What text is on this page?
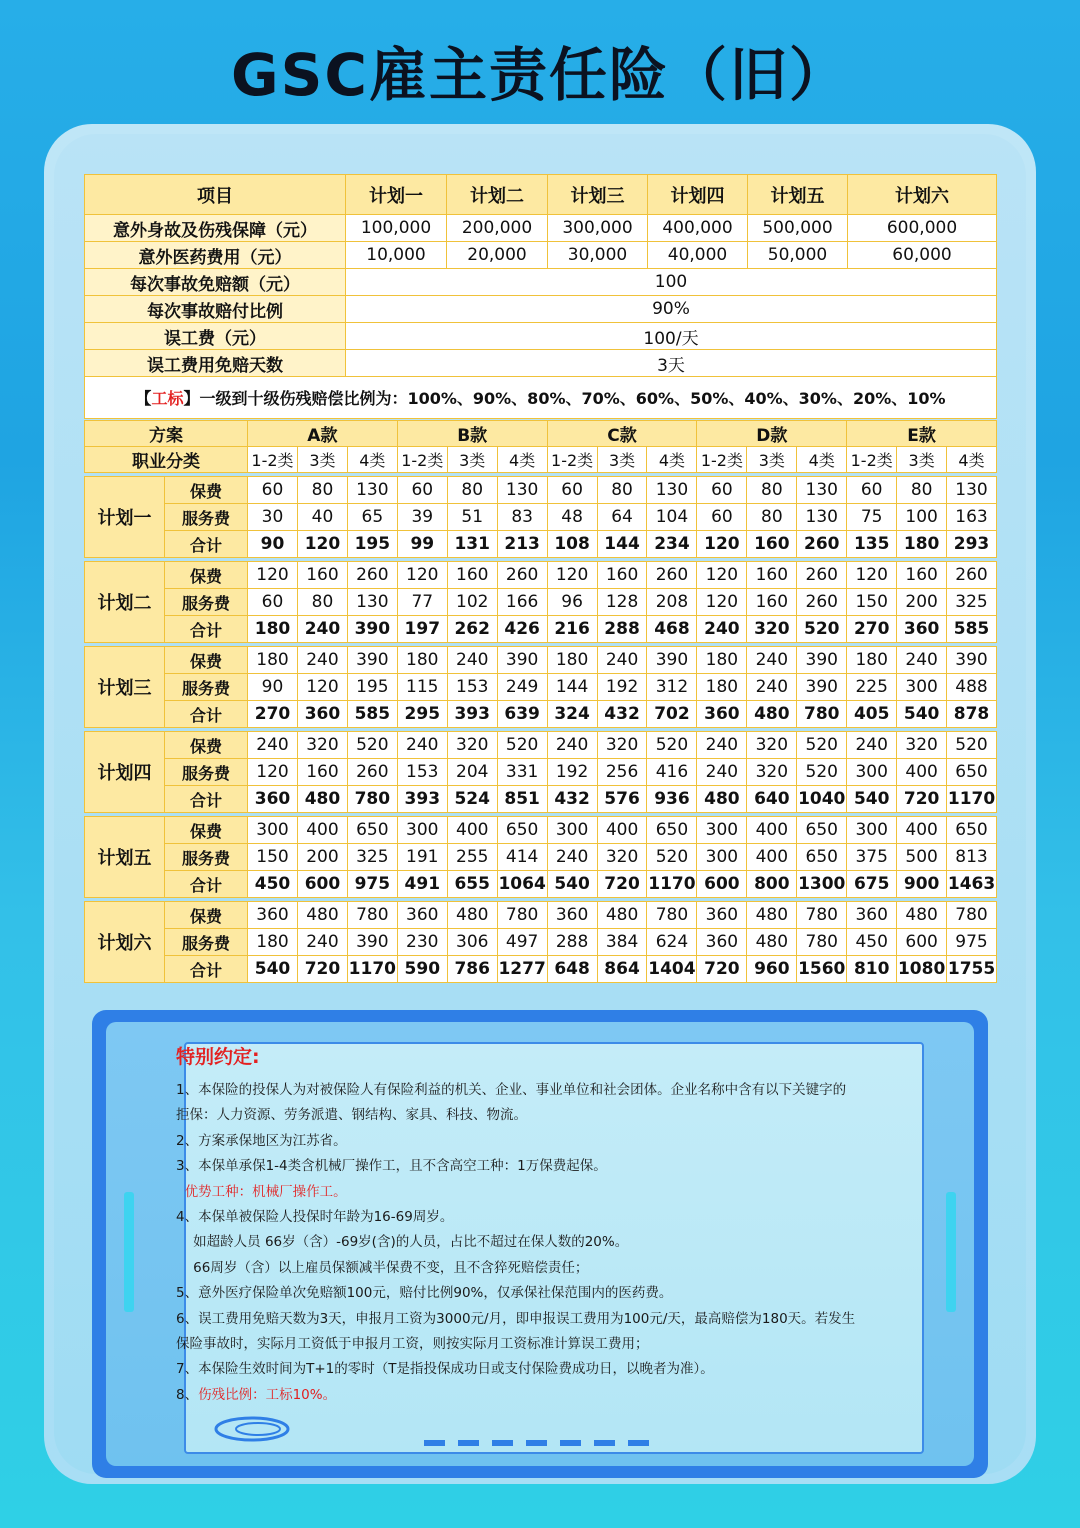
GSC雇主责任险（旧）
项目	计划一	计划二	计划三	计划四	计划五	计划六
意外身故及伤残保障（元）	100,000	200,000	300,000	400,000	500,000	600,000
意外医药费用（元）	10,000	20,000	30,000	40,000	50,000	60,000
每次事故免赔额（元）	100					
每次事故赔付比例	90%					
误工费（元）	100/天					
误工费用免赔天数	3天					
【工标】一级到十级伤残赔偿比例为：100%、90%、80%、70%、60%、50%、40%、30%、20%、10%						
方案		A款			B款			C款			D款			E款		
职业分类		1-2类	3类	4类	1-2类	3类	4类	1-2类	3类	4类	1-2类	3类	4类	1-2类	3类	4类

计划一	保费	60	80	130	60	80	130	60	80	130	60	80	130	60	80	130
	服务费	30	40	65	39	51	83	48	64	104	60	80	130	75	100	163
	合计	90	120	195	99	131	213	108	144	234	120	160	260	135	180	293

计划二	保费	120	160	260	120	160	260	120	160	260	120	160	260	120	160	260
	服务费	60	80	130	77	102	166	96	128	208	120	160	260	150	200	325
	合计	180	240	390	197	262	426	216	288	468	240	320	520	270	360	585

计划三	保费	180	240	390	180	240	390	180	240	390	180	240	390	180	240	390
	服务费	90	120	195	115	153	249	144	192	312	180	240	390	225	300	488
	合计	270	360	585	295	393	639	324	432	702	360	480	780	405	540	878

计划四	保费	240	320	520	240	320	520	240	320	520	240	320	520	240	320	520
	服务费	120	160	260	153	204	331	192	256	416	240	320	520	300	400	650
	合计	360	480	780	393	524	851	432	576	936	480	640	1040	540	720	1170

计划五	保费	300	400	650	300	400	650	300	400	650	300	400	650	300	400	650
	服务费	150	200	325	191	255	414	240	320	520	300	400	650	375	500	813
	合计	450	600	975	491	655	1064	540	720	1170	600	800	1300	675	900	1463

计划六	保费	360	480	780	360	480	780	360	480	780	360	480	780	360	480	780
	服务费	180	240	390	230	306	497	288	384	624	360	480	780	450	600	975
	合计	540	720	1170	590	786	1277	648	864	1404	720	960	1560	810	1080	1755
特别约定:

1、本保险的投保人为对被保险人有保险利益的机关、企业、事业单位和社会团体。企业名称中含有以下关键字的

拒保：人力资源、劳务派遣、钢结构、家具、科技、物流。

2、方案承保地区为江苏省。

3、本保单承保1-4类含机械厂操作工，且不含高空工种：1万保费起保。

优势工种：机械厂操作工。

4、本保单被保险人投保时年龄为16-69周岁。

如超龄人员 66岁（含）-69岁(含)的人员，占比不超过在保人数的20%。

66周岁（含）以上雇员保额减半保费不变，且不含猝死赔偿责任；

5、意外医疗保险单次免赔额100元，赔付比例90%，仅承保社保范围内的医药费。

6、误工费用免赔天数为3天，申报月工资为3000元/月，即申报误工费用为100元/天，最高赔偿为180天。若发生

保险事故时，实际月工资低于申报月工资，则按实际月工资标准计算误工费用；

7、本保险生效时间为T+1的零时（T是指投保成功日或支付保险费成功日，以晚者为准）。

8、伤残比例：工标10%。
